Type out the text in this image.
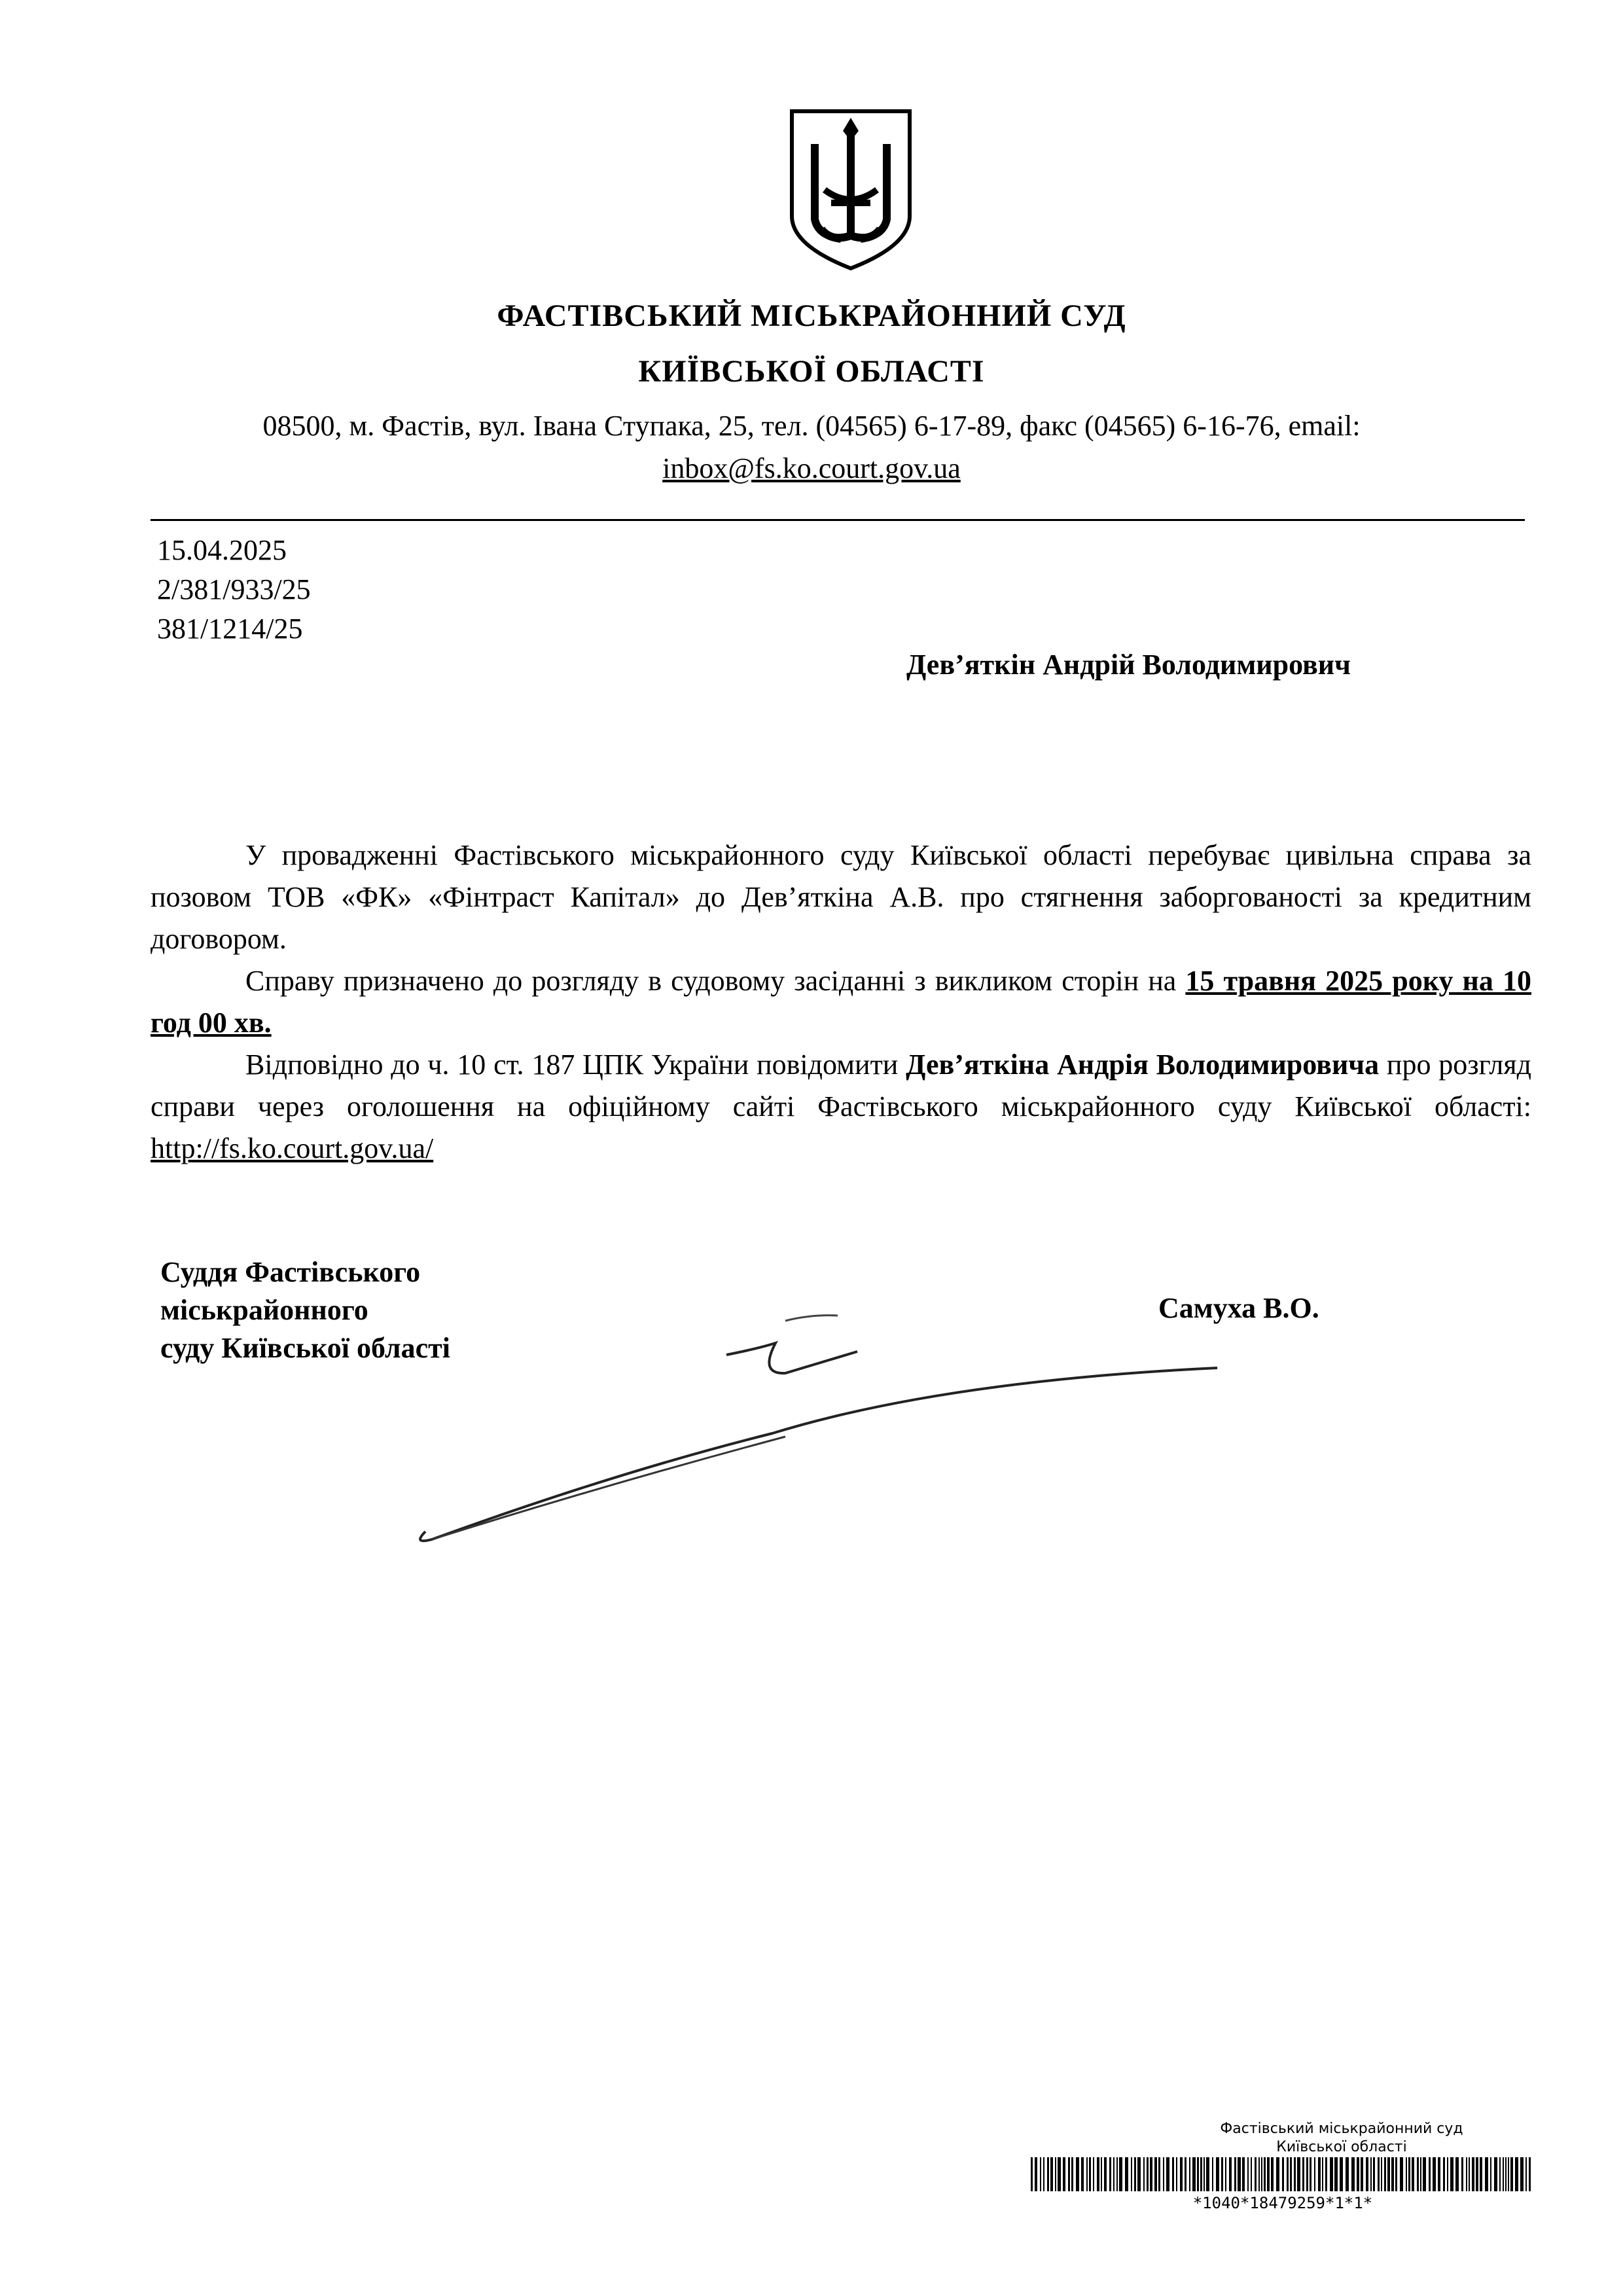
ФАСТІВСЬКИЙ МІСЬКРАЙОННИЙ СУД
КИЇВСЬКОЇ ОБЛАСТІ
08500, м. Фастів, вул. Івана Ступака, 25, тел. (04565) 6-17-89, факс (04565) 6-16-76, email:
inbox@fs.ko.court.gov.ua
15.04.2025
2/381/933/25
381/1214/25
Дев’яткін Андрій Володимирович
У провадженні Фастівського міськрайонного суду Київської області перебуває цивільна справа за позовом ТОВ «ФК» «Фінтраст Капітал» до Дев’яткіна А.В. про стягнення заборгованості за кредитним договором.
Справу призначено до розгляду в судовому засіданні з викликом сторін на 15 травня 2025 року на 10 год 00 хв.
Відповідно до ч. 10 ст. 187 ЦПК України повідомити Дев’яткіна Андрія Володимировича про розгляд справи через оголошення на офіційному сайті Фастівського міськрайонного суду Київської області: http://fs.ko.court.gov.ua/
Суддя Фастівського
міськрайонного
суду Київської області
Самуха В.О.
Фастівський міськрайонний суд
Київської області
*1040*18479259*1*1*
